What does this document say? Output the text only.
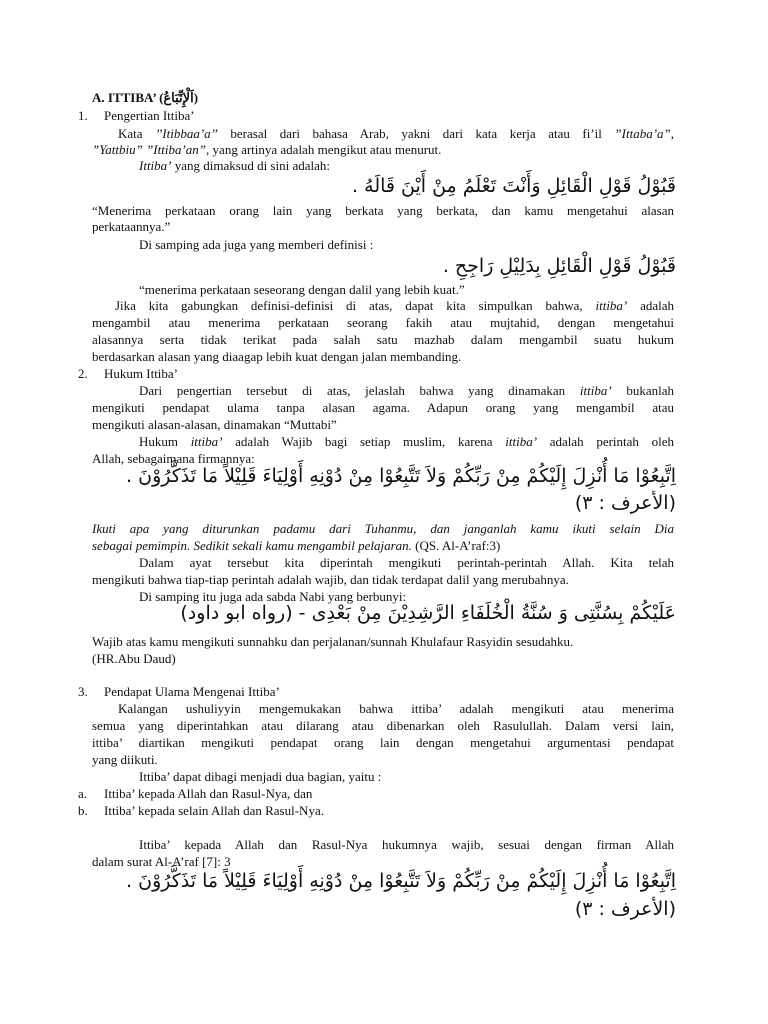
A. ITTIBA’ (اَلْإِتِّبَاعُ)
1. Pengertian Ittiba’
Kata ’’Itibbaa’a’’ berasal dari bahasa Arab, yakni dari kata kerja atau fi’il ”Ittaba’a”,
”Yattbiu” ”Ittiba’an”, yang artinya adalah mengikut atau menurut.
Ittiba’ yang dimaksud di sini adalah:
قَبُوْلُ قَوْلِ الْقَائِلِ وَأَنْتَ تَعْلَمُ مِنْ أَيْنَ قَالَهُ .
“Menerima perkataan orang lain yang berkata yang berkata, dan kamu mengetahui alasan
perkataannya.”
Di samping ada juga yang memberi definisi :
قَبُوْلُ قَوْلِ الْقَائِلِ بِدَلِيْلِ رَاجِحِ .
“menerima perkataan seseorang dengan dalil yang lebih kuat.”
Jika kita gabungkan definisi-definisi di atas, dapat kita simpulkan bahwa, ittiba’ adalah
mengambil atau menerima perkataan seorang fakih atau mujtahid, dengan mengetahui
alasannya serta tidak terikat pada salah satu mazhab dalam mengambil suatu hukum
berdasarkan alasan yang diaagap lebih kuat dengan jalan membanding.
2. Hukum Ittiba’
Dari pengertian tersebut di atas, jelaslah bahwa yang dinamakan ittiba’ bukanlah
mengikuti pendapat ulama tanpa alasan agama. Adapun orang yang mengambil atau
mengikuti alasan-alasan, dinamakan “Muttabi”
Hukum ittiba’ adalah Wajib bagi setiap muslim, karena ittiba’ adalah perintah oleh
Allah, sebagaimana firmannya:
اِتَّبِعُوْا مَا أُنْزِلَ إِلَيْكُمْ مِنْ رَبِّكُمْ وَلاَ تَتَّبِعُوْا مِنْ دُوْنِهِ أَوْلِيَاءَ قَلِيْلاً مَا تَذَكَّرُوْنَ .
(الأعرف : ٣)
Ikuti apa yang diturunkan padamu dari Tuhanmu, dan janganlah kamu ikuti selain Dia
sebagai pemimpin. Sedikit sekali kamu mengambil pelajaran. (QS. Al-A’raf:3)
Dalam ayat tersebut kita diperintah mengikuti perintah-perintah Allah. Kita telah
mengikuti bahwa tiap-tiap perintah adalah wajib, dan tidak terdapat dalil yang merubahnya.
Di samping itu juga ada sabda Nabi yang berbunyi:
عَلَيْكُمْ بِسُنَّتِى وَ سُنَّةُ الْخُلَفَاءِ الرَّشِدِيْنَ مِنْ بَعْدِى - (رواه ابو داود)
Wajib atas kamu mengikuti sunnahku dan perjalanan/sunnah Khulafaur Rasyidin sesudahku.
(HR.Abu Daud)
3. Pendapat Ulama Mengenai Ittiba’
Kalangan ushuliyyin mengemukakan bahwa ittiba’ adalah mengikuti atau menerima
semua yang diperintahkan atau dilarang atau dibenarkan oleh Rasulullah. Dalam versi lain,
ittiba’ diartikan mengikuti pendapat orang lain dengan mengetahui argumentasi pendapat
yang diikuti.
Ittiba’ dapat dibagi menjadi dua bagian, yaitu :
a. Ittiba’ kepada Allah dan Rasul-Nya, dan
b. Ittiba’ kepada selain Allah dan Rasul-Nya.
Ittiba’ kepada Allah dan Rasul-Nya hukumnya wajib, sesuai dengan firman Allah
dalam surat Al-A’raf [7]: 3
اِتَّبِعُوْا مَا أُنْزِلَ إِلَيْكُمْ مِنْ رَبِّكُمْ وَلاَ تَتَّبِعُوْا مِنْ دُوْنِهِ أَوْلِيَاءَ قَلِيْلاً مَا تَذَكَّرُوْنَ .
(الأعرف : ٣)
